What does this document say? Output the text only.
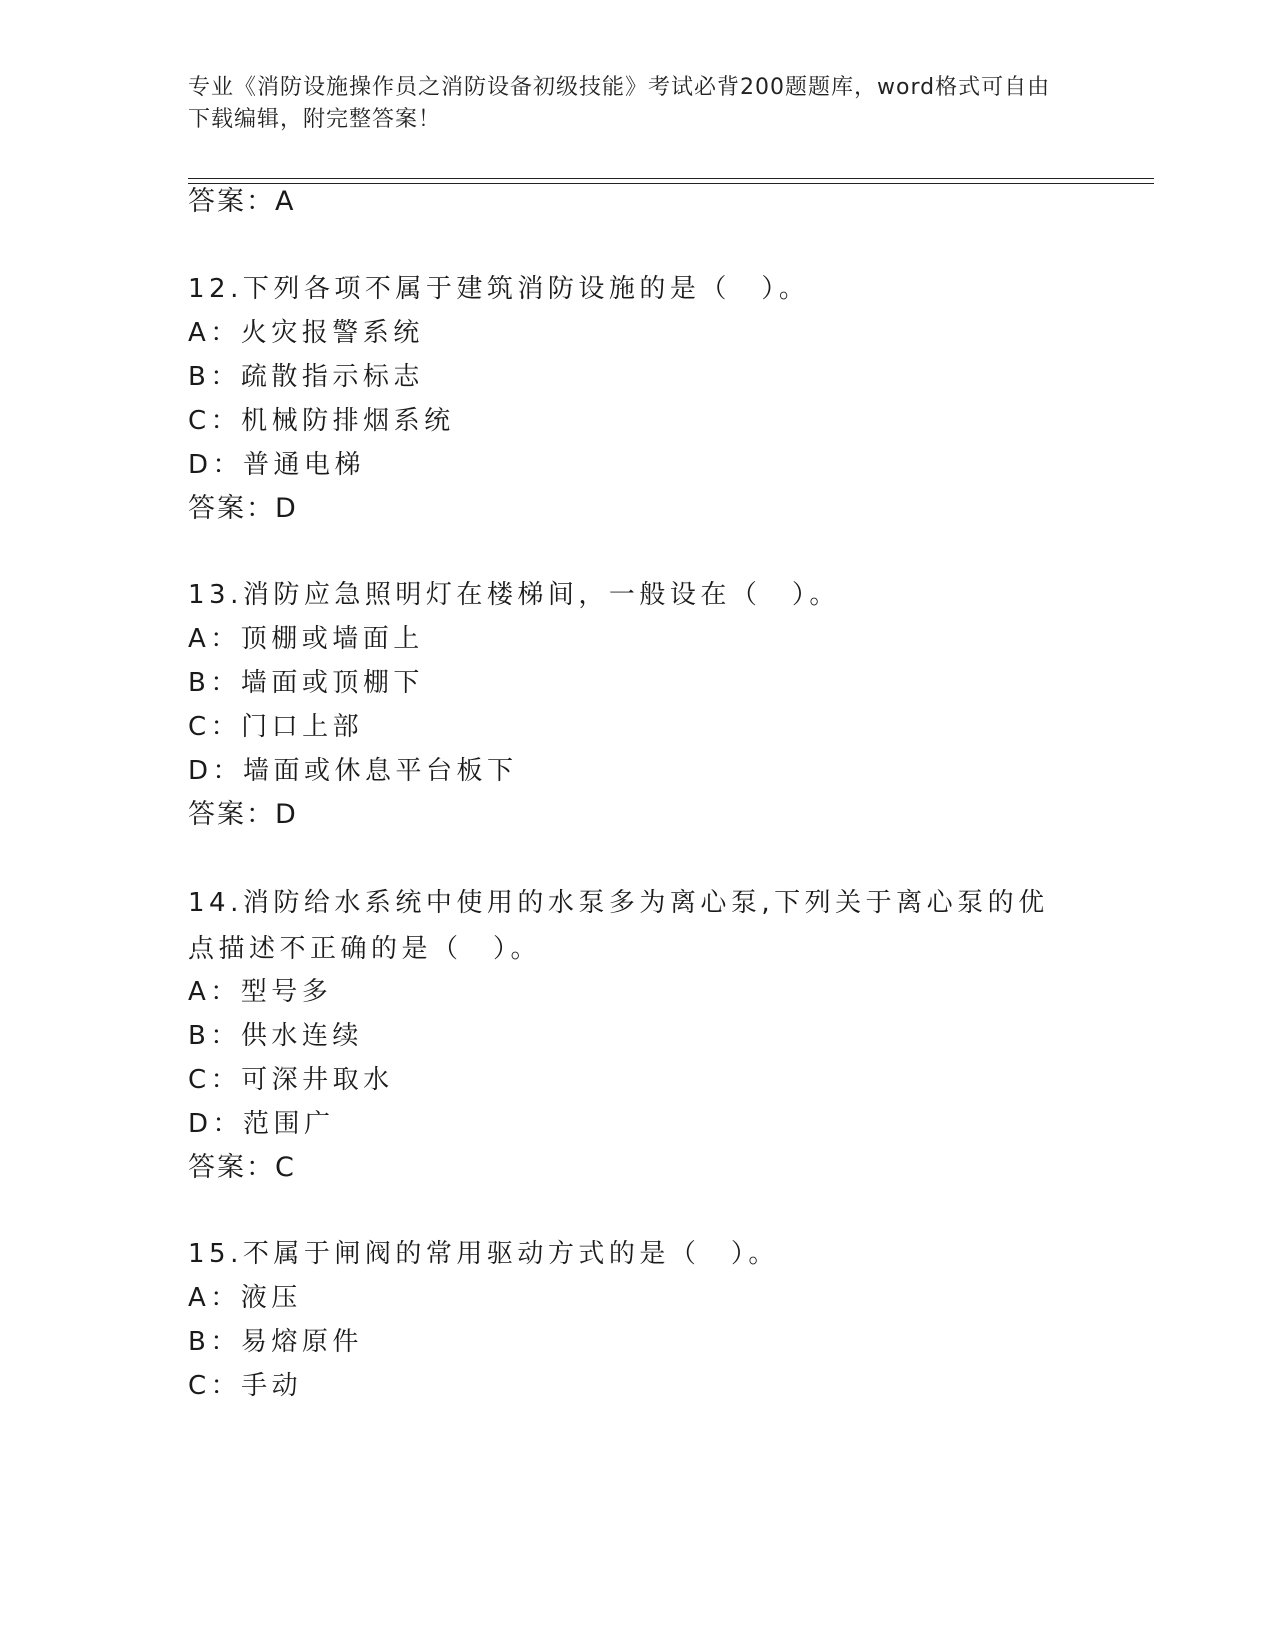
专业《消防设施操作员之消防设备初级技能》考试必背200题题库，word格式可自由下载编辑，附完整答案！
答案：A
12.下列各项不属于建筑消防设施的是（　）。
A：火灾报警系统
B：疏散指示标志
C：机械防排烟系统
D：普通电梯
答案：D
13.消防应急照明灯在楼梯间，一般设在（　）。
A：顶棚或墙面上
B：墙面或顶棚下
C：门口上部
D：墙面或休息平台板下
答案：D
14.消防给水系统中使用的水泵多为离心泵,下列关于离心泵的优点描述不正确的是（　）。
A：型号多
B：供水连续
C：可深井取水
D：范围广
答案：C
15.不属于闸阀的常用驱动方式的是（　）。
A：液压
B：易熔原件
C：手动
